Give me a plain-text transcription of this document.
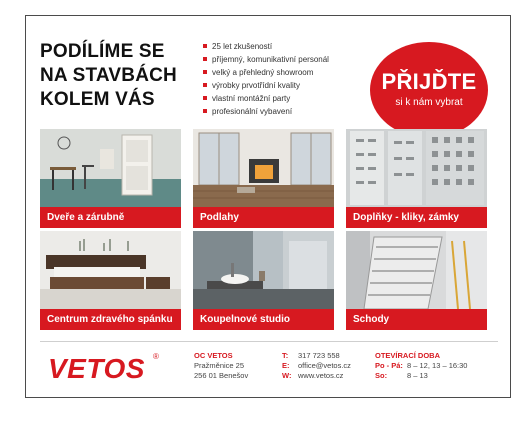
PODÍLÍME SE
NA STAVBÁCH
KOLEM VÁS
25 let zkušeností
příjemný, komunikativní personál
velký a přehledný showroom
výrobky prvotřídní kvality
vlastní montážní party
profesionální vybavení
PŘIJĎTE
si k nám vybrat
Dveře a zárubně	Podlahy	Doplňky - kliky, zámky
Centrum zdravého spánku	Koupelnové studio	Schody
VETOS ®	OC VETOS
Pražměnice 25
256 01 Benešov
T:	317 723 558
E:	office@vetos.cz
W: www.vetos.cz
OTEVÍRACÍ DOBA
Po - Pá: 8 – 12, 13 – 16:30
So:	8 – 13
